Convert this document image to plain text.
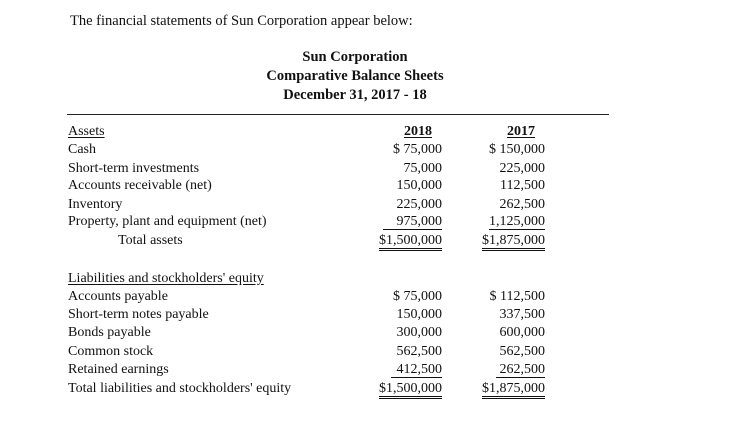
The financial statements of Sun Corporation appear below:
Sun Corporation
Comparative Balance Sheets
December 31, 2017 - 18
2018	2017
Assets
Cash	$ 75,000	$ 150,000
Short-term investments	75,000	225,000
Accounts receivable (net)	150,000	112,500
Inventory	225,000	262,500
Property, plant and equipment (net)	975,000	1,125,000
Total assets	$1,500,000	$1,875,000
Liabilities and stockholders' equity
Accounts payable	$ 75,000	$ 112,500
Short-term notes payable	150,000	337,500
Bonds payable	300,000	600,000
Common stock	562,500	562,500
Retained earnings	412,500	262,500
Total liabilities and stockholders' equity	$1,500,000	$1,875,000
